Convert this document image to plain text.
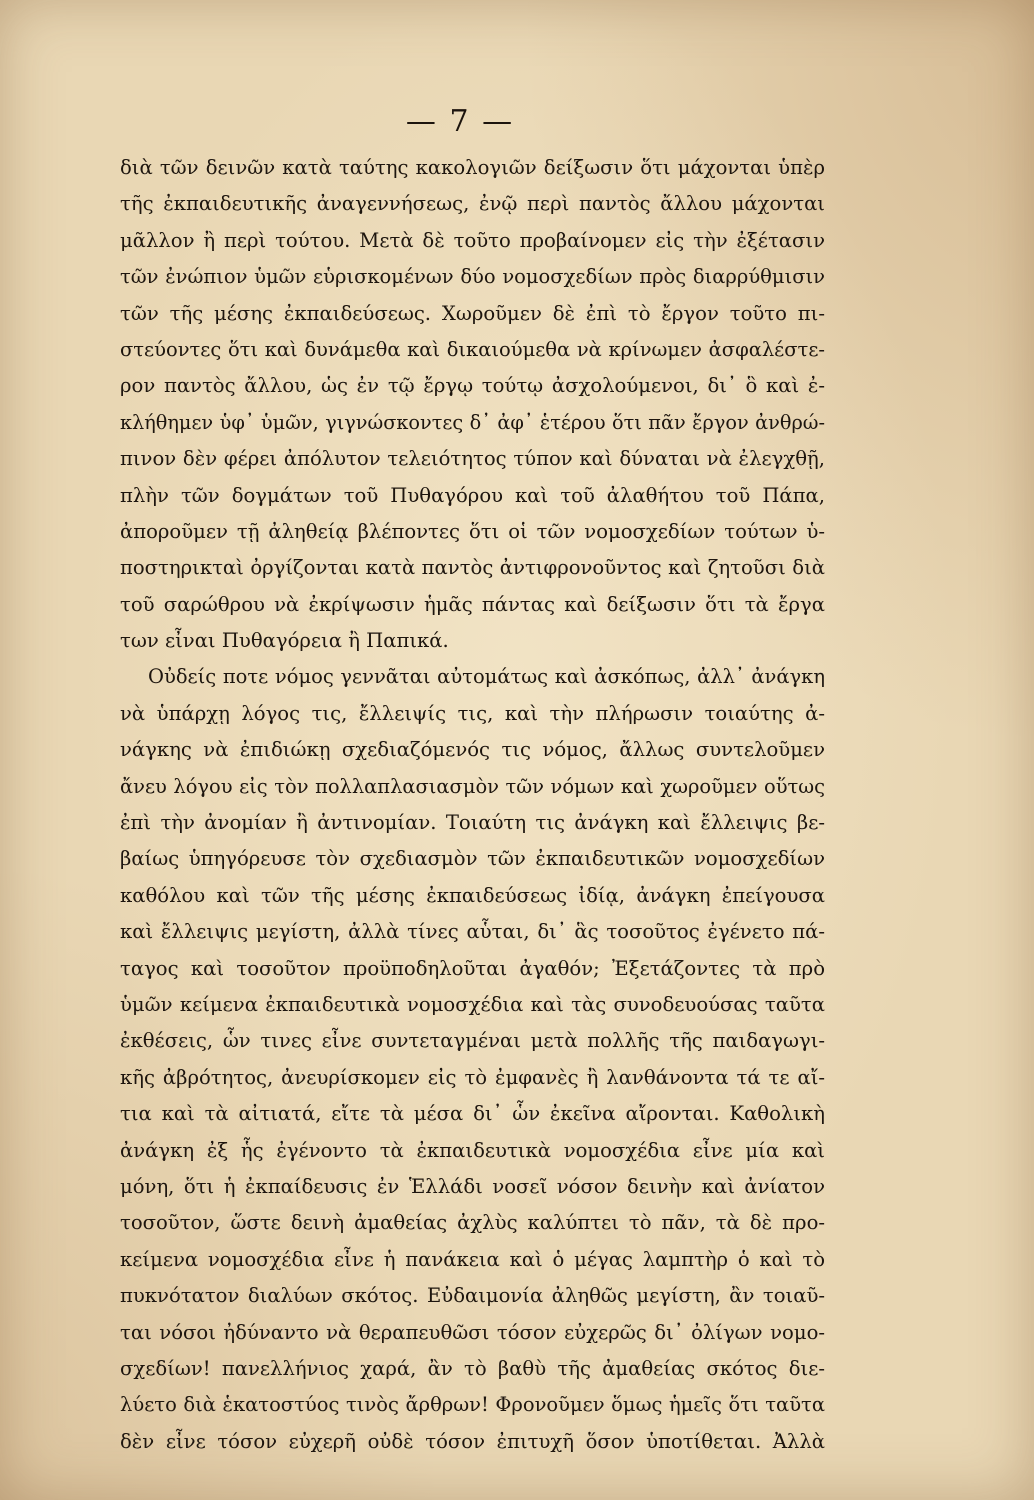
— 7 —
διὰ τῶν δεινῶν κατὰ ταύτης κακολογιῶν δείξωσιν ὅτι μάχονται ὑπὲρ
τῆς ἐκπαιδευτικῆς ἀναγεννήσεως, ἐνῷ περὶ παντὸς ἄλλου μάχονται
μᾶλλον ἢ περὶ τούτου. Μετὰ δὲ τοῦτο προβαίνομεν εἰς τὴν ἐξέτασιν
τῶν ἐνώπιον ὑμῶν εὑρισκομένων δύο νομοσχεδίων πρὸς διαρρύθμισιν
τῶν τῆς μέσης ἐκπαιδεύσεως. Χωροῦμεν δὲ ἐπὶ τὸ ἔργον τοῦτο πι-
στεύοντες ὅτι καὶ δυνάμεθα καὶ δικαιούμεθα νὰ κρίνωμεν ἀσφαλέστε-
ρον παντὸς ἄλλου, ὡς ἐν τῷ ἔργῳ τούτῳ ἀσχολούμενοι, δι᾽ ὃ καὶ ἐ-
κλήθημεν ὑφ᾽ ὑμῶν, γιγνώσκοντες δ᾽ ἀφ᾽ ἑτέρου ὅτι πᾶν ἔργον ἀνθρώ-
πινον δὲν φέρει ἀπόλυτον τελειότητος τύπον καὶ δύναται νὰ ἐλεγχθῇ,
πλὴν τῶν δογμάτων τοῦ Πυθαγόρου καὶ τοῦ ἀλαθήτου τοῦ Πάπα,
ἀποροῦμεν τῇ ἀληθείᾳ βλέποντες ὅτι οἱ τῶν νομοσχεδίων τούτων ὑ-
ποστηρικταὶ ὀργίζονται κατὰ παντὸς ἀντιφρονοῦντος καὶ ζητοῦσι διὰ
τοῦ σαρώθρου νὰ ἐκρίψωσιν ἡμᾶς πάντας καὶ δείξωσιν ὅτι τὰ ἔργα
των εἶναι Πυθαγόρεια ἢ Παπικά.
Οὐδείς ποτε νόμος γεννᾶται αὐτομάτως καὶ ἀσκόπως, ἀλλ᾽ ἀνάγκη
νὰ ὑπάρχῃ λόγος τις, ἔλλειψίς τις, καὶ τὴν πλήρωσιν τοιαύτης ἀ-
νάγκης νὰ ἐπιδιώκῃ σχεδιαζόμενός τις νόμος, ἄλλως συντελοῦμεν
ἄνευ λόγου εἰς τὸν πολλαπλασιασμὸν τῶν νόμων καὶ χωροῦμεν οὕτως
ἐπὶ τὴν ἀνομίαν ἢ ἀντινομίαν. Τοιαύτη τις ἀνάγκη καὶ ἔλλειψις βε-
βαίως ὑπηγόρευσε τὸν σχεδιασμὸν τῶν ἐκπαιδευτικῶν νομοσχεδίων
καθόλου καὶ τῶν τῆς μέσης ἐκπαιδεύσεως ἰδίᾳ, ἀνάγκη ἐπείγουσα
καὶ ἔλλειψις μεγίστη, ἀλλὰ τίνες αὗται, δι᾽ ἃς τοσοῦτος ἐγένετο πά-
ταγος καὶ τοσοῦτον προϋποδηλοῦται ἀγαθόν; Ἐξετάζοντες τὰ πρὸ
ὑμῶν κείμενα ἐκπαιδευτικὰ νομοσχέδια καὶ τὰς συνοδευούσας ταῦτα
ἐκθέσεις, ὧν τινες εἶνε συντεταγμέναι μετὰ πολλῆς τῆς παιδαγωγι-
κῆς ἀβρότητος, ἀνευρίσκομεν εἰς τὸ ἐμφανὲς ἢ λανθάνοντα τά τε αἴ-
τια καὶ τὰ αἰτιατά, εἴτε τὰ μέσα δι᾽ ὧν ἐκεῖνα αἴρονται. Καθολικὴ
ἀνάγκη ἐξ ἧς ἐγένοντο τὰ ἐκπαιδευτικὰ νομοσχέδια εἶνε μία καὶ
μόνη, ὅτι ἡ ἐκπαίδευσις ἐν Ἑλλάδι νοσεῖ νόσον δεινὴν καὶ ἀνίατον
τοσοῦτον, ὥστε δεινὴ ἀμαθείας ἀχλὺς καλύπτει τὸ πᾶν, τὰ δὲ προ-
κείμενα νομοσχέδια εἶνε ἡ πανάκεια καὶ ὁ μέγας λαμπτὴρ ὁ καὶ τὸ
πυκνότατον διαλύων σκότος. Εὐδαιμονία ἀληθῶς μεγίστη, ἂν τοιαῦ-
ται νόσοι ἠδύναντο νὰ θεραπευθῶσι τόσον εὐχερῶς δι᾽ ὀλίγων νομο-
σχεδίων! πανελλήνιος χαρά, ἂν τὸ βαθὺ τῆς ἀμαθείας σκότος διε-
λύετο διὰ ἑκατοστύος τινὸς ἄρθρων! Φρονοῦμεν ὅμως ἡμεῖς ὅτι ταῦτα
δὲν εἶνε τόσον εὐχερῆ οὐδὲ τόσον ἐπιτυχῆ ὅσον ὑποτίθεται. Ἀλλὰ
